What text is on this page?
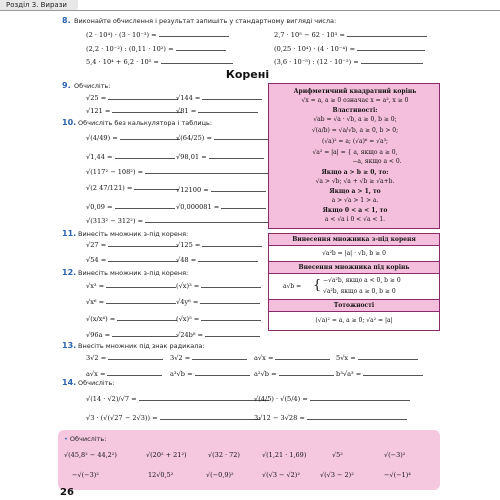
Розділ 3. Вирази
8. Виконайте обчислення і результат запишіть у стандартному вигляді числа:
(2 · 10⁴) · (3 · 10⁻³) =	2,7 · 10⁵ − 62 · 10³ =
(2,2 · 10⁻²) : (0,11 · 10²) =	(0,25 · 10⁴) · (4 · 10⁻⁴) =
5,4 · 10⁴ + 6,2 · 10⁵ =	(3,6 · 10⁻⁵) : (12 · 10⁻²) =
Корені
9. Обчисліть:
√25 =	√144 =
√121 =	√81 =
10. Обчисліть без калькулятора і таблиць:
√(4/49) =	√(64/25) =
√1,44 =	√98,01 =
√(117² − 108²) =
√(2 47/121) =	√12100 =
√0,09 =	√0,000081 =
√(313² − 312²) =
11. Винесіть множник з-під кореня:
√27 =	√125 =
√54 =	√48 =
12. Винесіть множник з-під кореня:
√x³ =	(√x)³ =
√x⁶ =	√4y⁶ =
√(x/x⁴) =	(√x)⁵ =
√96a =	√24b⁸ =
13. Внесіть множник під знак радикала:
3√2 =	3√2 =	a√x =	5√x =
a√x =	a³√b =	a²√b =	b³√a³ =
14. Обчисліть:
√(14 · √2)/√7 =	√(4/5) · √(5/4) =
√3 · (√(√27 − 2√3)) =	3√12 − 3√28 =
Арифметичний квадратний корінь
√x = a, a ≥ 0 означає x = a², x ≥ 0
Властивості:
√ab = √a · √b, a ≥ 0, b ≥ 0;
√(a/b) = √a/√b, a ≥ 0, b > 0;
(√a)² = a; (√a)⁶ = √a³;
√a² = |a| = { a, якщо a ≥ 0,
−a, якщо a < 0.
Якщо a > b ≥ 0, то:
√a > √b; √a + √b ≥ √a+b.
Якщо a > 1, то
a > √a > 1 > a.
Якщо 0 < a < 1, то
a < √a і 0 < √a < 1.
Винесення множника з-під кореня
√a²b = |a| · √b, b ≥ 0
Внесення множника під корінь
a√b = { −√a²b, якщо a < 0, b ≥ 0
√a²b, якщо a ≥ 0, b ≥ 0
Тотожності
(√a)² = a, a ≥ 0; √a² = |a|
• Обчисліть:
√(45,8² − 44,2²)	√(20² + 21²)	√(32 · 72)	√(1,21 · 1,69)	√5²	√(−3)²
−√(−3)²	12√0,5²	√(−0,9)²	√(√3 − √2)²	√(√3 − 2)²	−√(−1)⁴
26
